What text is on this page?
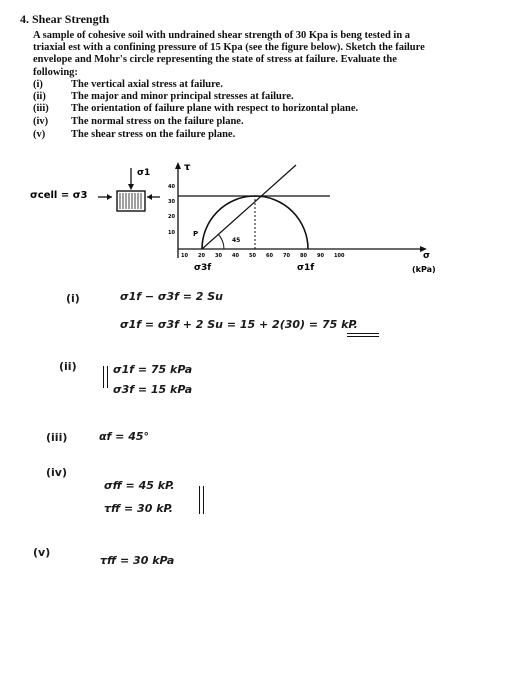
4. Shear Strength
A sample of cohesive soil with undrained shear strength of 30 Kpa is beng tested in a
triaxial est with a confining pressure of 15 Kpa (see the figure below). Sketch the failure
envelope and Mohr's circle representing the state of stress at failure. Evaluate the
following:
(i)	The vertical axial stress at failure.
(ii) The major and minor principal stresses at failure.
(iii) The orientation of failure plane with respect to horizontal plane.
(iv) The normal stress on the failure plane.
(v) The shear stress on the failure plane.
σcell = σ3
σ1	τ
σ
(kPa)
40
30
20
10
10 20 30 40 50 60 70 80 90 100
45
P
σ3f	σ1f
(i)	σ1f − σ3f = 2 Su
σ1f = σ3f + 2 Su = 15 + 2(30) = 75 kP.
(ii)	σ1f = 75 kPa
σ3f = 15 kPa
(iii)	αf = 45°
(iv)
σff = 45 kP.
τff = 30 kP.
(v)
τff = 30 kPa
